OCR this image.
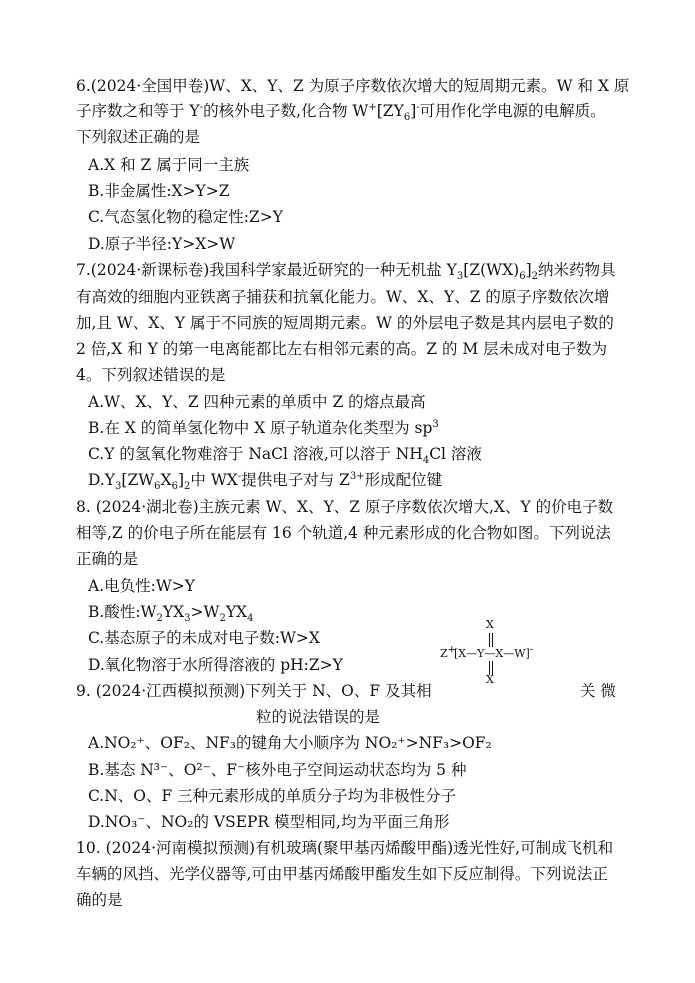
6.(2024·全国甲卷)W、X、Y、Z 为原子序数依次增大的短周期元素。W 和 X 原
子序数之和等于 Y-的核外电子数,化合物 $W^+[ZY_6]^-$可用作化学电源的电解质。
下列叙述正确的是
A.X 和 Z 属于同一主族
B.非金属性:X>Y>Z
C.气态氢化物的稳定性:Z>Y
D.原子半径:Y>X>W
7.(2024·新课标卷)我国科学家最近研究的一种无机盐 $Y_3[Z(WX)_6]_2$纳米药物具
有高效的细胞内亚铁离子捕获和抗氧化能力。W、X、Y、Z 的原子序数依次增
加,且 W、X、Y 属于不同族的短周期元素。W 的外层电子数是其内层电子数的
2 倍,X 和 Y 的第一电离能都比左右相邻元素的高。Z 的 M 层未成对电子数为
4。下列叙述错误的是
A.W、X、Y、Z 四种元素的单质中 Z 的熔点最高
B.在 X 的简单氢化物中 X 原子轨道杂化类型为 $sp^3$
C.Y 的氢氧化物难溶于 NaCl 溶液,可以溶于 $NH_4Cl$ 溶液
$D.Y_3[ZW_6X_6]_2$中 WX-提供电子对与 $Z^{3+}$形成配位键
8. (2024·湖北卷)主族元素 W、X、Y、Z 原子序数依次增大,X、Y 的价电子数
相等,Z 的价电子所在能层有 16 个轨道,4 种元素形成的化合物如图。下列说法
正确的是
A.电负性:W>Y
B.酸性$:W_2YX_3>W_2YX_4$
C.基态原子的未成对电子数:W>X
D.氧化物溶于水所得溶液的 pH:Z>Y
X
Z+
[X—Y—X—W]-
X
9. (2024·江西模拟预测)下列关于 N、O、F 及其相	关 微
粒的说法错误的是
A.NO₂⁺、OF₂、NF₃的键角大小顺序为 NO₂⁺>NF₃>OF₂
B.基态 N³⁻、O²⁻、F⁻核外电子空间运动状态均为 5 种
C.N、O、F 三种元素形成的单质分子均为非极性分子
D.NO₃⁻、NO₂的 VSEPR 模型相同,均为平面三角形
10. (2024·河南模拟预测)有机玻璃(聚甲基丙烯酸甲酯)透光性好,可制成飞机和
车辆的风挡、光学仪器等,可由甲基丙烯酸甲酯发生如下反应制得。下列说法正
确的是
